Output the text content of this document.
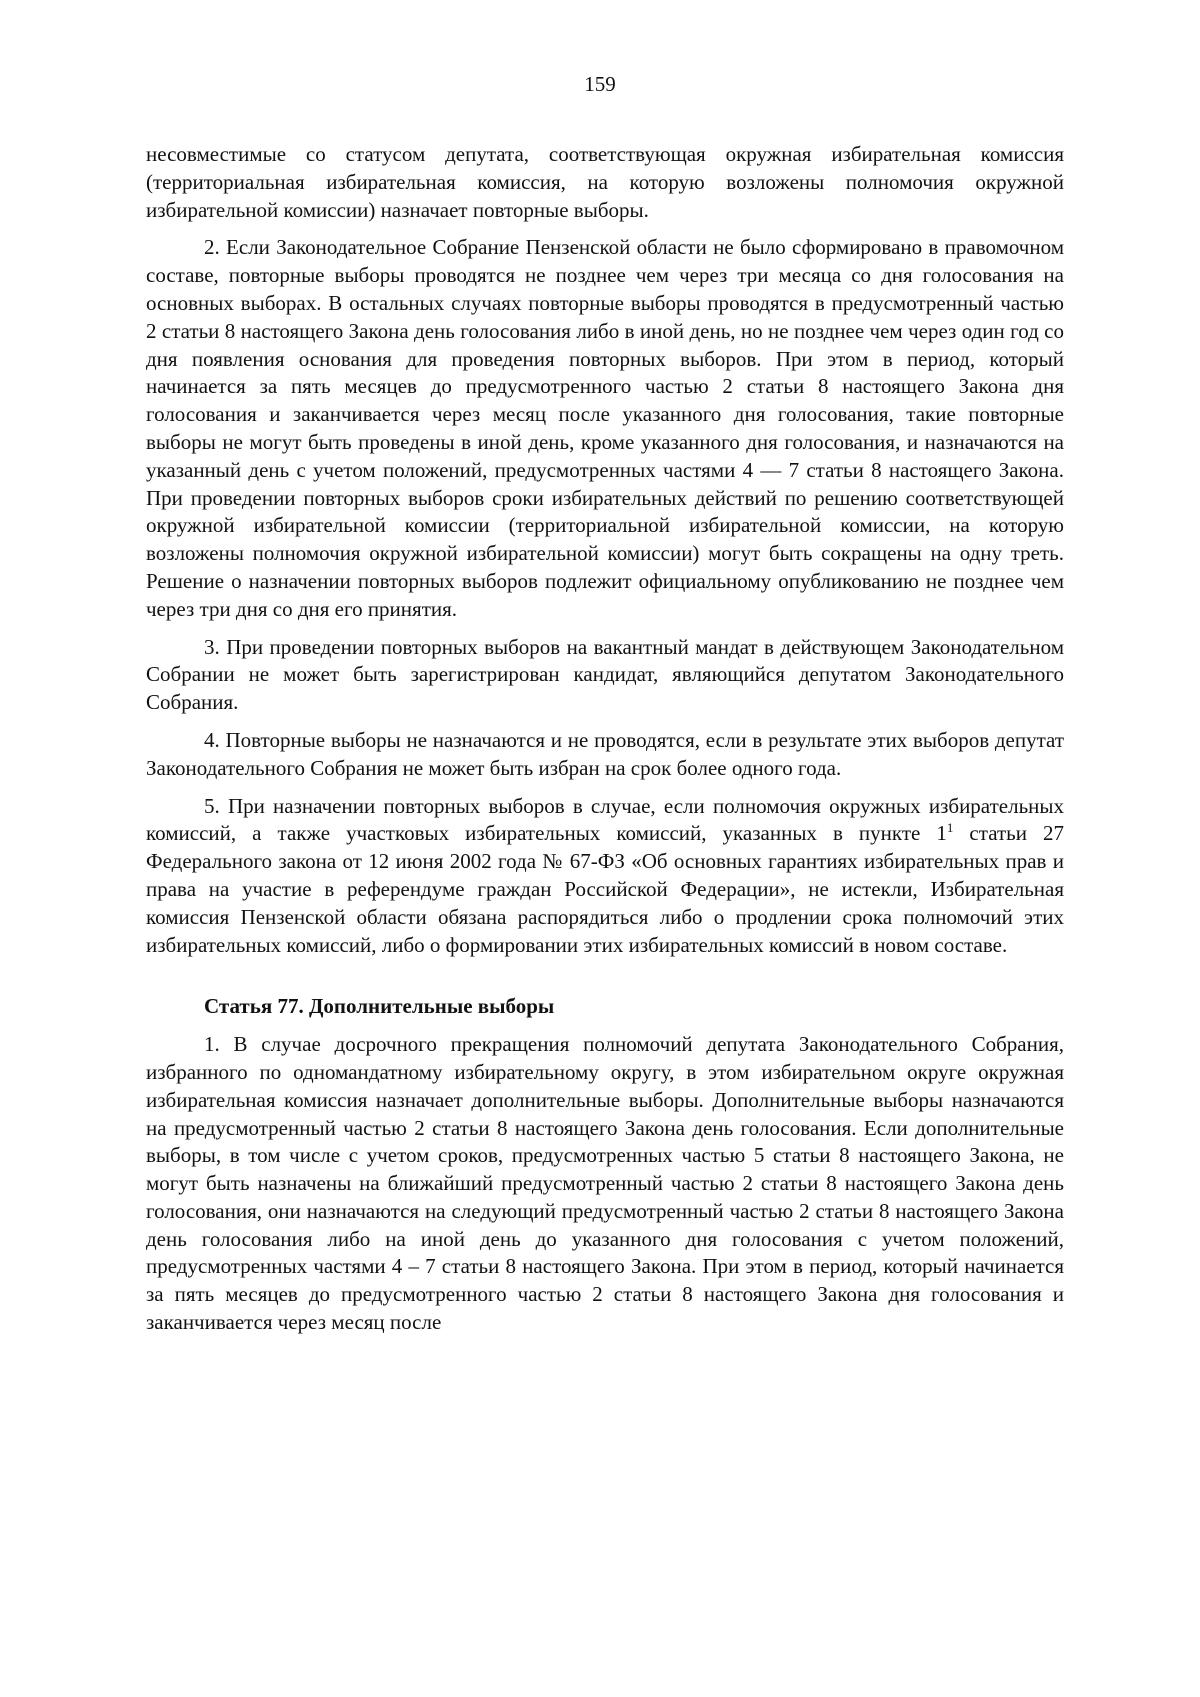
159

несовместимые со статусом депутата, соответствующая окружная избирательная комиссия (территориальная избирательная комиссия, на которую возложены полномочия окружной избирательной комиссии) назначает повторные выборы.

2. Если Законодательное Собрание Пензенской области не было сформировано в правомочном составе, повторные выборы проводятся не позднее чем через три месяца со дня голосования на основных выборах. В остальных случаях повторные выборы проводятся в предусмотренный частью 2 статьи 8 настоящего Закона день голосования либо в иной день, но не позднее чем через один год со дня появления основания для проведения повторных выборов. При этом в период, который начинается за пять месяцев до предусмотренного частью 2 статьи 8 настоящего Закона дня голосования и заканчивается через месяц после указанного дня голосования, такие повторные выборы не могут быть проведены в иной день, кроме указанного дня голосования, и назначаются на указанный день с учетом положений, предусмотренных частями 4 — 7 статьи 8 настоящего Закона. При проведении повторных выборов сроки избирательных действий по решению соответствующей окружной избирательной комиссии (территориальной избирательной комиссии, на которую возложены полномочия окружной избирательной комиссии) могут быть сокращены на одну треть. Решение о назначении повторных выборов подлежит официальному опубликованию не позднее чем через три дня со дня его принятия.

3. При проведении повторных выборов на вакантный мандат в действующем Законодательном Собрании не может быть зарегистрирован кандидат, являющийся депутатом Законодательного Собрания.

4. Повторные выборы не назначаются и не проводятся, если в результате этих выборов депутат Законодательного Собрания не может быть избран на срок более одного года.

5. При назначении повторных выборов в случае, если полномочия окружных избирательных комиссий, а также участковых избирательных комиссий, указанных в пункте 1$^1$ статьи 27 Федерального закона от 12 июня 2002 года № 67-ФЗ «Об основных гарантиях избирательных прав и права на участие в референдуме граждан Российской Федерации», не истекли, Избирательная комиссия Пензенской области обязана распорядиться либо о продлении срока полномочий этих избирательных комиссий, либо о формировании этих избирательных комиссий в новом составе.

Статья 77. Дополнительные выборы

1. В случае досрочного прекращения полномочий депутата Законодательного Собрания, избранного по одномандатному избирательному округу, в этом избирательном округе окружная избирательная комиссия назначает дополнительные выборы. Дополнительные выборы назначаются на предусмотренный частью 2 статьи 8 настоящего Закона день голосования. Если дополнительные выборы, в том числе с учетом сроков, предусмотренных частью 5 статьи 8 настоящего Закона, не могут быть назначены на ближайший предусмотренный частью 2 статьи 8 настоящего Закона день голосования, они назначаются на следующий предусмотренный частью 2 статьи 8 настоящего Закона день голосования либо на иной день до указанного дня голосования с учетом положений, предусмотренных частями 4 – 7 статьи 8 настоящего Закона. При этом в период, который начинается за пять месяцев до предусмотренного частью 2 статьи 8 настоящего Закона дня голосования и заканчивается через месяц после
